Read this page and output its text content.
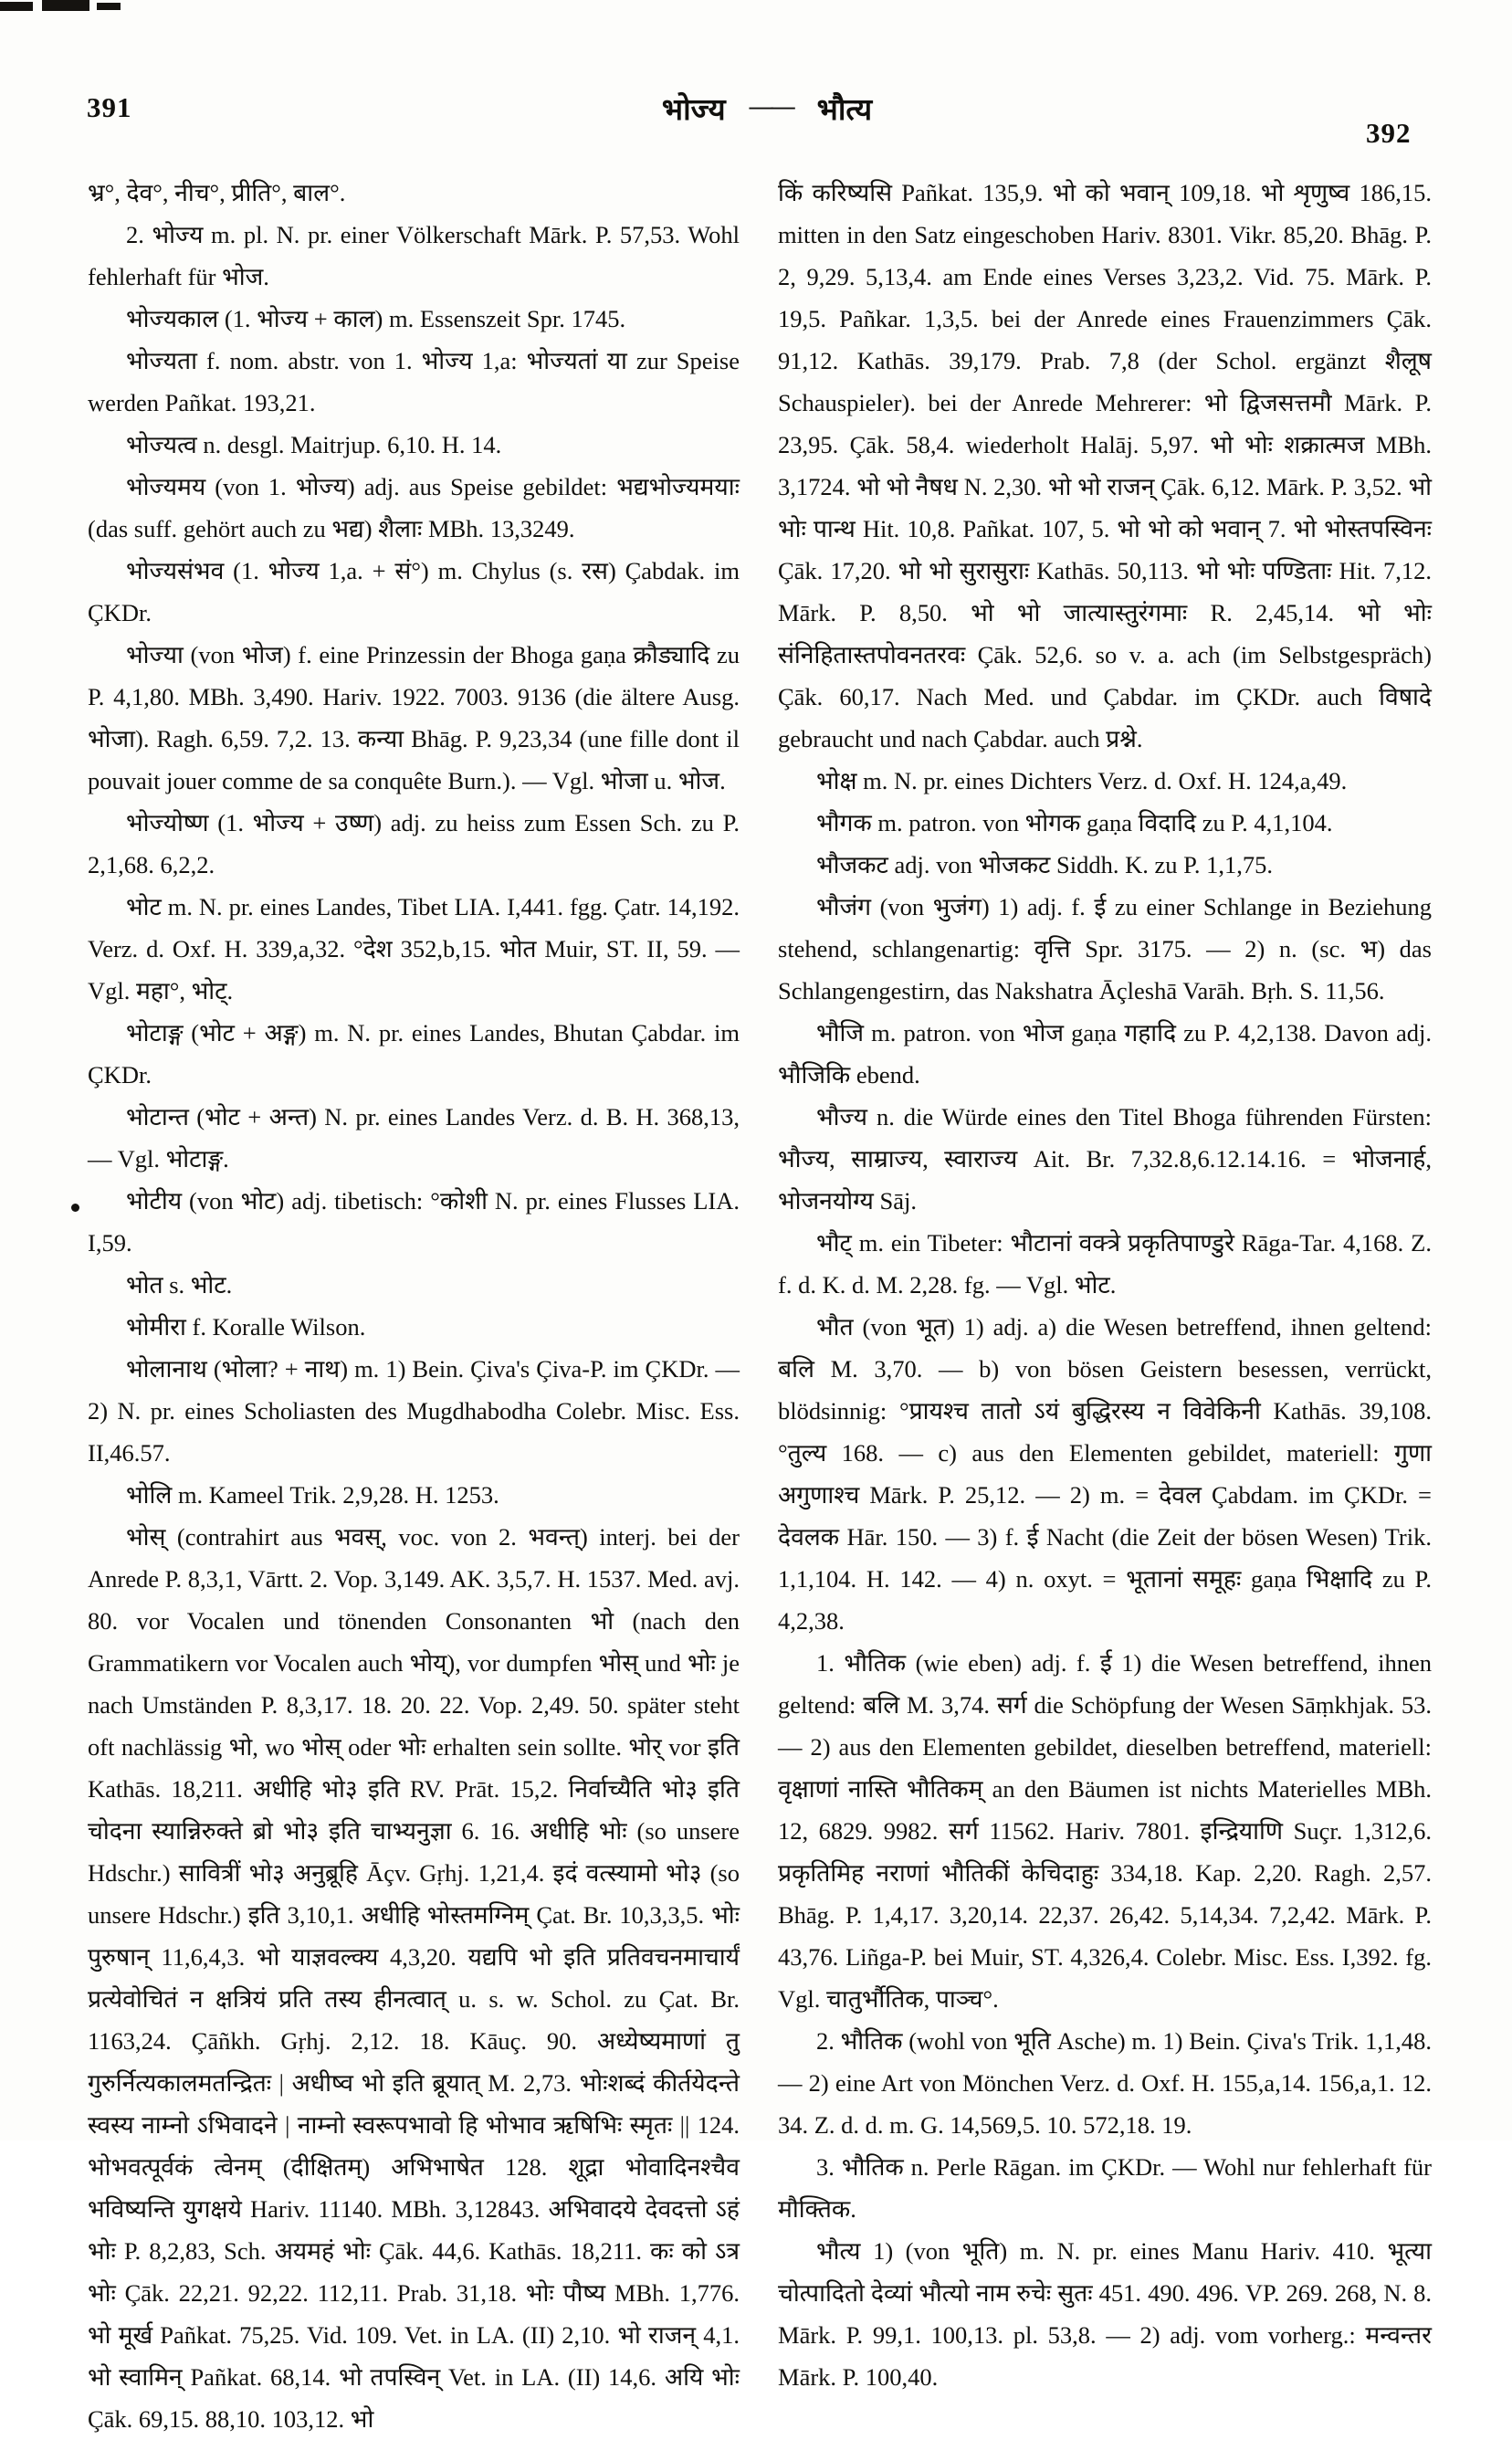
391	भोज्य —— भौत्य
392

भ्र°, देव°, नीच°, प्रीति°, बाल°.

2. भोज्य m. pl. N. pr. einer Völkerschaft Mārk. P. 57,53. Wohl fehlerhaft für भोज.

भोज्यकाल (1. भोज्य + काल) m. Essenszeit Spr. 1745.

भोज्यता f. nom. abstr. von 1. भोज्य 1,a: भोज्यतां या zur Speise werden Pañkat. 193,21.

भोज्यत्व n. desgl. Maitrjup. 6,10. H. 14.

भोज्यमय (von 1. भोज्य) adj. aus Speise gebildet: भद्यभोज्यमयाः (das suff. gehört auch zu भद्य) शैलाः MBh. 13,3249.

भोज्यसंभव (1. भोज्य 1,a. + सं°) m. Chylus (s. रस) Çabdak. im ÇKDr.

भोज्या (von भोज) f. eine Prinzessin der Bhoga gaṇa क्रौड्यादि zu P. 4,1,80. MBh. 3,490. Hariv. 1922. 7003. 9136 (die ältere Ausg. भोजा). Ragh. 6,59. 7,2. 13. कन्या Bhāg. P. 9,23,34 (une fille dont il pouvait jouer comme de sa conquête Burn.). — Vgl. भोजा u. भोज.

भोज्योष्ण (1. भोज्य + उष्ण) adj. zu heiss zum Essen Sch. zu P. 2,1,68. 6,2,2.

भोट m. N. pr. eines Landes, Tibet LIA. I,441. fgg. Çatr. 14,192. Verz. d. Oxf. H. 339,a,32. °देश 352,b,15. भोत Muir, ST. II, 59. — Vgl. महा°, भोट्.

भोटाङ्ग (भोट + अङ्ग) m. N. pr. eines Landes, Bhutan Çabdar. im ÇKDr.

भोटान्त (भोट + अन्त) N. pr. eines Landes Verz. d. B. H. 368,13, — Vgl. भोटाङ्ग.

भोटीय (von भोट) adj. tibetisch: °कोशी N. pr. eines Flusses LIA. I,59.

भोत s. भोट.

भोमीरा f. Koralle Wilson.

भोलानाथ (भोला? + नाथ) m. 1) Bein. Çiva's Çiva-P. im ÇKDr. — 2) N. pr. eines Scholiasten des Mugdhabodha Colebr. Misc. Ess. II,46.57.

भोलि m. Kameel Trik. 2,9,28. H. 1253.

भोस् (contrahirt aus भवस्, voc. von 2. भवन्त्) interj. bei der Anrede P. 8,3,1, Vārtt. 2. Vop. 3,149. AK. 3,5,7. H. 1537. Med. avj. 80. vor Vocalen und tönenden Consonanten भो (nach den Grammatikern vor Vocalen auch भोय्), vor dumpfen भोस् und भोः je nach Umständen P. 8,3,17. 18. 20. 22. Vop. 2,49. 50. später steht oft nachlässig भो, wo भोस् oder भोः erhalten sein sollte. भोर् vor इति Kathās. 18,211. अधीहि भो३ इति RV. Prāt. 15,2. निर्वाच्यैति भो३ इति चोदना स्यान्निरुक्ते ब्रो भो३ इति चाभ्यनुज्ञा 6. 16. अधीहि भोः (so unsere Hdschr.) सावित्रीं भो३ अनुब्रूहि Āçv. Gṛhj. 1,21,4. इदं वत्स्यामो भो३ (so unsere Hdschr.) इति 3,10,1. अधीहि भोस्तमग्निम् Çat. Br. 10,3,3,5. भोः पुरुषान् 11,6,4,3. भो याज्ञवल्क्य 4,3,20. यद्यपि भो इति प्रतिवचनमाचार्यं प्रत्येवोचितं न क्षत्रियं प्रति तस्य हीनत्वात् u. s. w. Schol. zu Çat. Br. 1163,24. Çāñkh. Gṛhj. 2,12. 18. Kāuç. 90. अध्येष्यमाणां तु गुरुर्नित्यकालमतन्द्रितः | अधीष्व भो इति ब्रूयात् M. 2,73. भोःशब्दं कीर्तयेदन्ते स्वस्य नाम्नो ऽभिवादने | नाम्नो स्वरूपभावो हि भोभाव ऋषिभिः स्मृतः || 124. भोभवत्पूर्वकं त्वेनम् (दीक्षितम्) अभिभाषेत 128. शूद्रा भोवादिनश्चैव भविष्यन्ति युगक्षये Hariv. 11140. MBh. 3,12843. अभिवादये देवदत्तो ऽहं भोः P. 8,2,83, Sch. अयमहं भोः Çāk. 44,6. Kathās. 18,211. कः को ऽत्र भोः Çāk. 22,21. 92,22. 112,11. Prab. 31,18. भोः पौष्य MBh. 1,776. भो मूर्ख Pañkat. 75,25. Vid. 109. Vet. in LA. (II) 2,10. भो राजन् 4,1. भो स्वामिन् Pañkat. 68,14. भो तपस्विन् Vet. in LA. (II) 14,6. अयि भोः Çāk. 69,15. 88,10. 103,12. भो

किं करिष्यसि Pañkat. 135,9. भो को भवान् 109,18. भो शृणुष्व 186,15. mitten in den Satz eingeschoben Hariv. 8301. Vikr. 85,20. Bhāg. P. 2, 9,29. 5,13,4. am Ende eines Verses 3,23,2. Vid. 75. Mārk. P. 19,5. Pañkar. 1,3,5. bei der Anrede eines Frauenzimmers Çāk. 91,12. Kathās. 39,179. Prab. 7,8 (der Schol. ergänzt शैलूष Schauspieler). bei der Anrede Mehrerer: भो द्विजसत्तमौ Mārk. P. 23,95. Çāk. 58,4. wiederholt Halāj. 5,97. भो भोः शक्रात्मज MBh. 3,1724. भो भो नैषध N. 2,30. भो भो राजन् Çāk. 6,12. Mārk. P. 3,52. भो भोः पान्थ Hit. 10,8. Pañkat. 107, 5. भो भो को भवान् 7. भो भोस्तपस्विनः Çāk. 17,20. भो भो सुरासुराः Kathās. 50,113. भो भोः पण्डिताः Hit. 7,12. Mārk. P. 8,50. भो भो जात्यास्तुरंगमाः R. 2,45,14. भो भोः संनिहितास्तपोवनतरवः Çāk. 52,6. so v. a. ach (im Selbstgespräch) Çāk. 60,17. Nach Med. und Çabdar. im ÇKDr. auch विषादे gebraucht und nach Çabdar. auch प्रश्ने.

भोक्ष m. N. pr. eines Dichters Verz. d. Oxf. H. 124,a,49.

भौगक m. patron. von भोगक gaṇa विदादि zu P. 4,1,104.

भौजकट adj. von भोजकट Siddh. K. zu P. 1,1,75.

भौजंग (von भुजंग) 1) adj. f. ई zu einer Schlange in Beziehung stehend, schlangenartig: वृत्ति Spr. 3175. — 2) n. (sc. भ) das Schlangengestirn, das Nakshatra Āçleshā Varāh. Bṛh. S. 11,56.

भौजि m. patron. von भोज gaṇa गहादि zu P. 4,2,138. Davon adj. भौजिकि ebend.

भौज्य n. die Würde eines den Titel Bhoga führenden Fürsten: भौज्य, साम्राज्य, स्वाराज्य Ait. Br. 7,32.8,6.12.14.16. = भोजनार्ह, भोजनयोग्य Sāj.

भौट् m. ein Tibeter: भौटानां वक्त्रे प्रकृतिपाण्डुरे Rāga-Tar. 4,168. Z. f. d. K. d. M. 2,28. fg. — Vgl. भोट.

भौत (von भूत) 1) adj. a) die Wesen betreffend, ihnen geltend: बलि M. 3,70. — b) von bösen Geistern besessen, verrückt, blödsinnig: °प्रायश्च तातो ऽयं बुद्धिरस्य न विवेकिनी Kathās. 39,108. °तुल्य 168. — c) aus den Elementen gebildet, materiell: गुणा अगुणाश्च Mārk. P. 25,12. — 2) m. = देवल Çabdam. im ÇKDr. = देवलक Hār. 150. — 3) f. ई Nacht (die Zeit der bösen Wesen) Trik. 1,1,104. H. 142. — 4) n. oxyt. = भूतानां समूहः gaṇa भिक्षादि zu P. 4,2,38.

1. भौतिक (wie eben) adj. f. ई 1) die Wesen betreffend, ihnen geltend: बलि M. 3,74. सर्ग die Schöpfung der Wesen Sāṃkhjak. 53. — 2) aus den Elementen gebildet, dieselben betreffend, materiell: वृक्षाणां नास्ति भौतिकम् an den Bäumen ist nichts Materielles MBh. 12, 6829. 9982. सर्ग 11562. Hariv. 7801. इन्द्रियाणि Suçr. 1,312,6. प्रकृतिमिह नराणां भौतिकीं केचिदाहुः 334,18. Kap. 2,20. Ragh. 2,57. Bhāg. P. 1,4,17. 3,20,14. 22,37. 26,42. 5,14,34. 7,2,42. Mārk. P. 43,76. Liñga-P. bei Muir, ST. 4,326,4. Colebr. Misc. Ess. I,392. fg. Vgl. चातुर्भौतिक, पाञ्च°.

2. भौतिक (wohl von भूति Asche) m. 1) Bein. Çiva's Trik. 1,1,48. — 2) eine Art von Mönchen Verz. d. Oxf. H. 155,a,14. 156,a,1. 12. 34. Z. d. d. m. G. 14,569,5. 10. 572,18. 19.

3. भौतिक n. Perle Rāgan. im ÇKDr. — Wohl nur fehlerhaft für मौक्तिक.

भौत्य 1) (von भूति) m. N. pr. eines Manu Hariv. 410. भूत्या चोत्पादितो देव्यां भौत्यो नाम रुचेः सुतः 451. 490. 496. VP. 269. 268, N. 8. Mārk. P. 99,1. 100,13. pl. 53,8. — 2) adj. vom vorherg.: मन्वन्तर Mārk. P. 100,40.
